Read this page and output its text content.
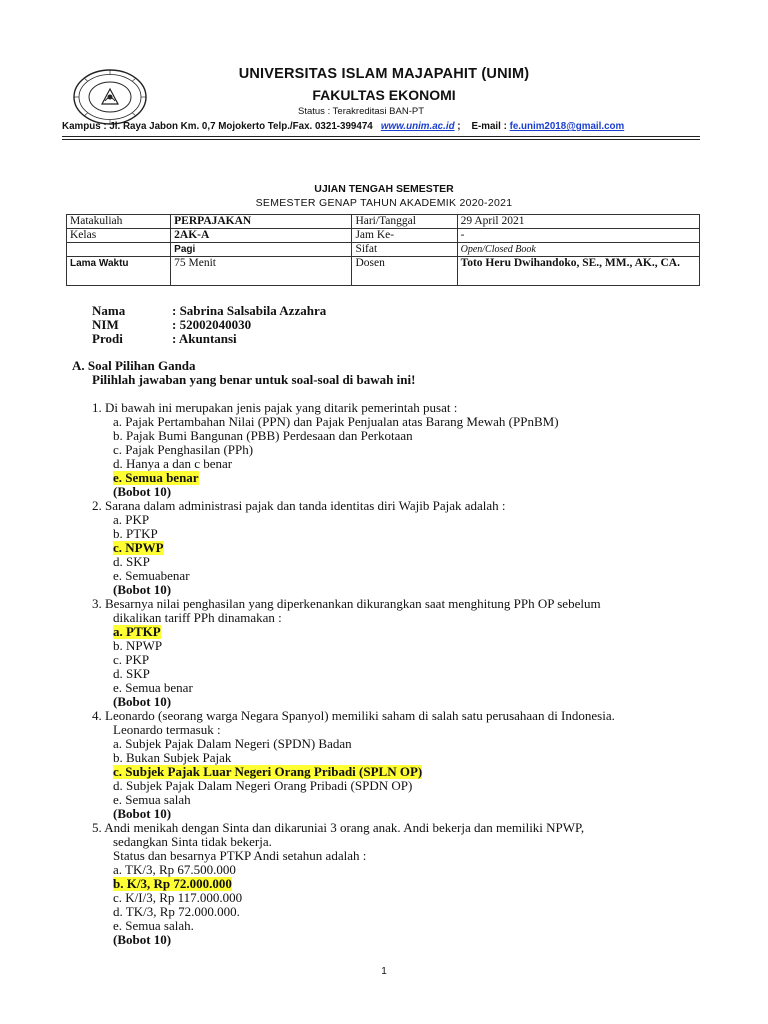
UNIVERSITAS ISLAM MAJAPAHIT (UNIM)
FAKULTAS EKONOMI
Status : Terakreditasi BAN-PT
Kampus : Jl. Raya Jabon Km. 0,7 Mojokerto Telp./Fax. 0321-399474 www.unim.ac.id ; E-mail : fe.unim2018@gmail.com
UJIAN TENGAH SEMESTER
SEMESTER GENAP TAHUN AKADEMIK 2020-2021
Matakuliah	PERPAJAKAN	Hari/Tanggal	29 April 2021
Kelas	2AK-A	Jam Ke-	-
	Pagi	Sifat	Open/Closed Book
Lama Waktu	75 Menit	Dosen	Toto Heru Dwihandoko, SE., MM., AK., CA.
Nama	: Sabrina Salsabila Azzahra
NIM	: 52002040030
Prodi	: Akuntansi
A. Soal Pilihan Ganda
Pilihlah jawaban yang benar untuk soal-soal di bawah ini!
1. Di bawah ini merupakan jenis pajak yang ditarik pemerintah pusat :
a. Pajak Pertambahan Nilai (PPN) dan Pajak Penjualan atas Barang Mewah (PPnBM)
b. Pajak Bumi Bangunan (PBB) Perdesaan dan Perkotaan
c. Pajak Penghasilan (PPh)
d. Hanya a dan c benar
e. Semua benar
(Bobot 10)
2. Sarana dalam administrasi pajak dan tanda identitas diri Wajib Pajak adalah :
a. PKP
b. PTKP
c. NPWP
d. SKP
e. Semuabenar
(Bobot 10)
3. Besarnya nilai penghasilan yang diperkenankan dikurangkan saat menghitung PPh OP sebelum
dikalikan tariff PPh dinamakan :
a. PTKP
b. NPWP
c. PKP
d. SKP
e. Semua benar
(Bobot 10)
4. Leonardo (seorang warga Negara Spanyol) memiliki saham di salah satu perusahaan di Indonesia.
Leonardo termasuk :
a. Subjek Pajak Dalam Negeri (SPDN) Badan
b. Bukan Subjek Pajak
c. Subjek Pajak Luar Negeri Orang Pribadi (SPLN OP)
d. Subjek Pajak Dalam Negeri Orang Pribadi (SPDN OP)
e. Semua salah
(Bobot 10)
5. Andi menikah dengan Sinta dan dikaruniai 3 orang anak. Andi bekerja dan memiliki NPWP,
sedangkan Sinta tidak bekerja.
Status dan besarnya PTKP Andi setahun adalah :
a. TK/3, Rp 67.500.000
b. K/3, Rp 72.000.000
c. K/I/3, Rp 117.000.000
d. TK/3, Rp 72.000.000.
e. Semua salah.
(Bobot 10)
1
